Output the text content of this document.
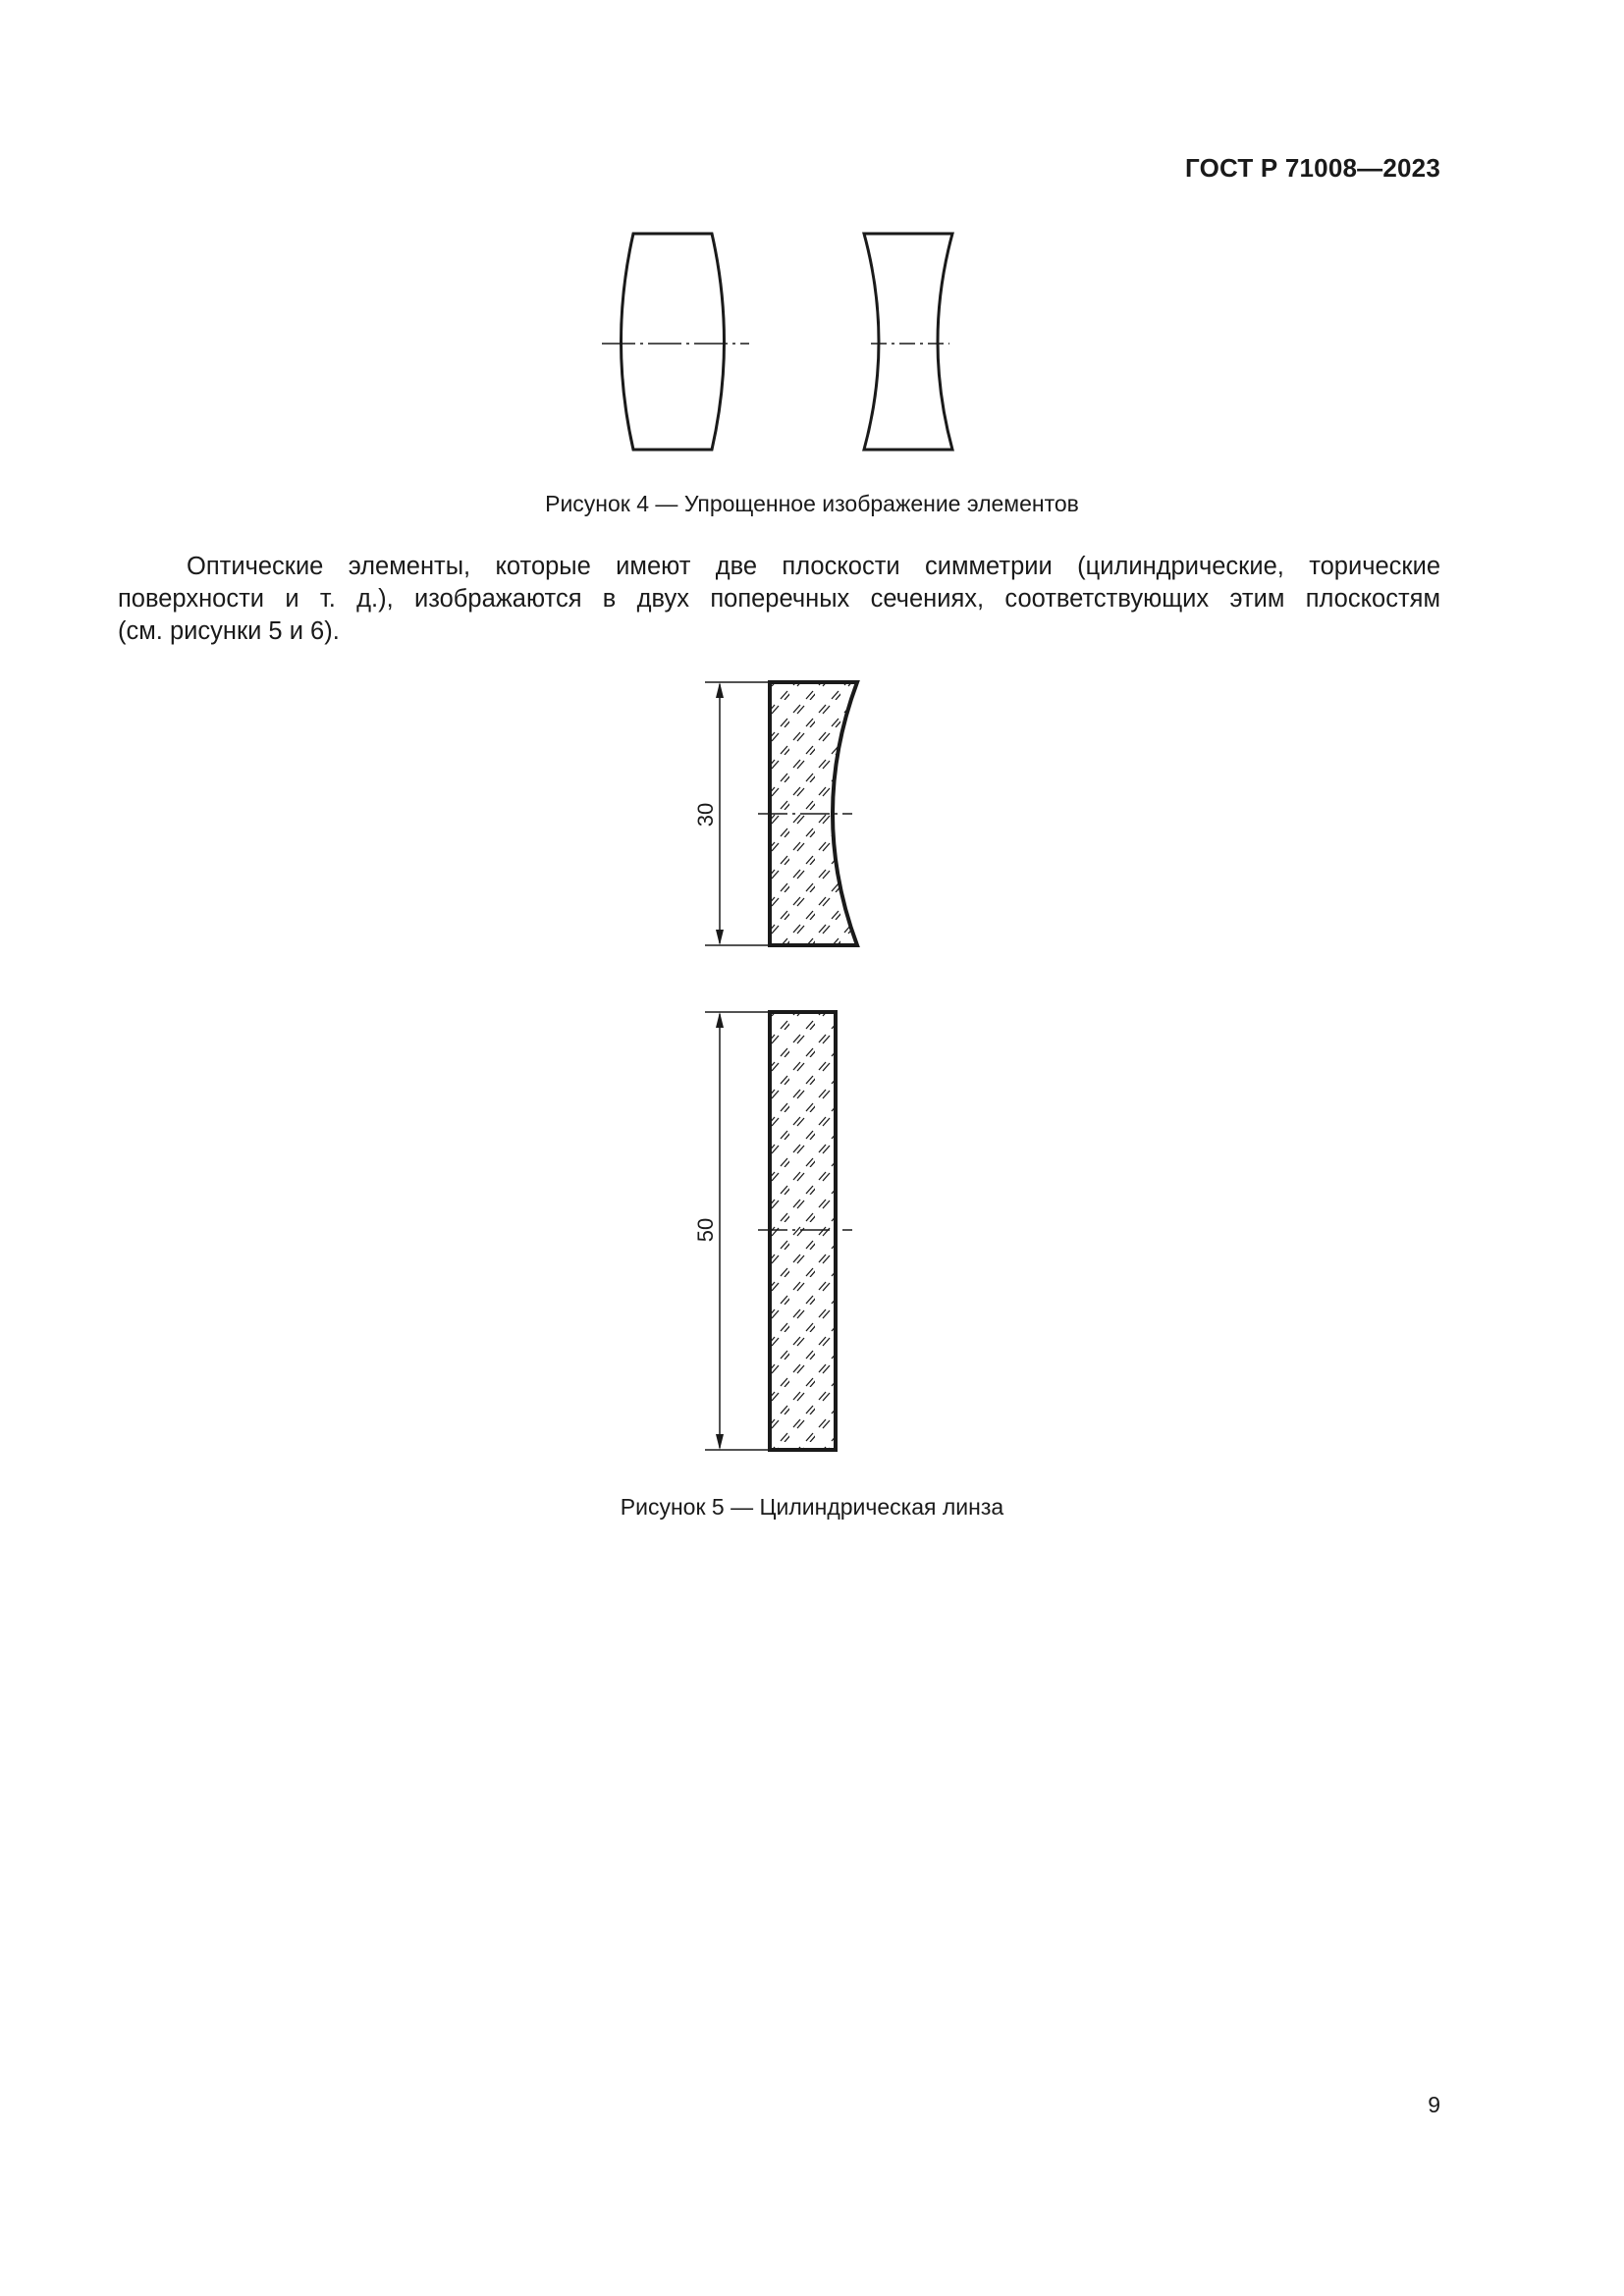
ГОСТ Р 71008—2023
Рисунок 4 — Упрощенное изображение элементов
Оптические элементы, которые имеют две плоскости симметрии (цилиндрические, торические
поверхности и т. д.), изображаются в двух поперечных сечениях, соответствующих этим плоскостям
(см. рисунки 5 и 6).
30
50
Рисунок 5 — Цилиндрическая линза
9
